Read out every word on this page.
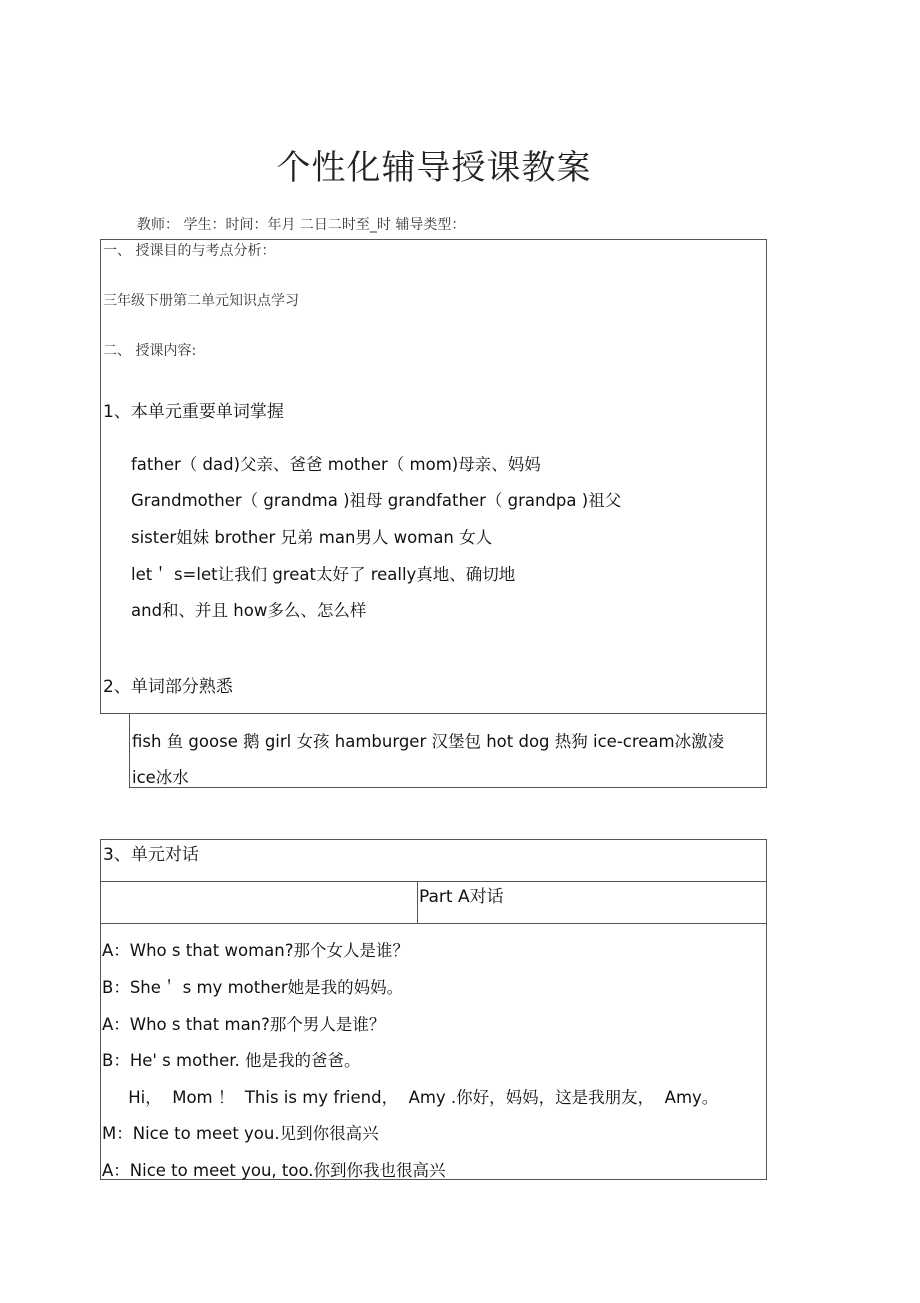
个性化辅导授课教案
教师： 学生：时间：年月 二日二时至_时 辅导类型：
一、 授课目的与考点分析：
三年级下册第二单元知识点学习
二、 授课内容:
1、本单元重要单词掌握
father（ dad)父亲、爸爸 mother（ mom)母亲、妈妈
Grandmother（ grandma )祖母 grandfather（ grandpa )祖父
sister姐妹 brother 兄弟 man男人 woman 女人
let＇ s=let让我们 great太好了 really真地、确切地
and和、并且 how多么、怎么样
2、单词部分熟悉
fish 鱼 goose 鹅 girl 女孩 hamburger 汉堡包 hot dog 热狗 ice-cream冰激凌
ice冰水
3、单元对话
Part A对话
A：Who s that woman?那个女人是谁？
B：She＇ s my mother她是我的妈妈。
A：Who s that man?那个男人是谁？
B：He' s mother. 他是我的爸爸。
Hi，  Mom ！  This is my friend，  Amy .你好，妈妈，这是我朋友，  Amy。
M：Nice to meet you.见到你很高兴
A：Nice to meet you, too.你到你我也很高兴
